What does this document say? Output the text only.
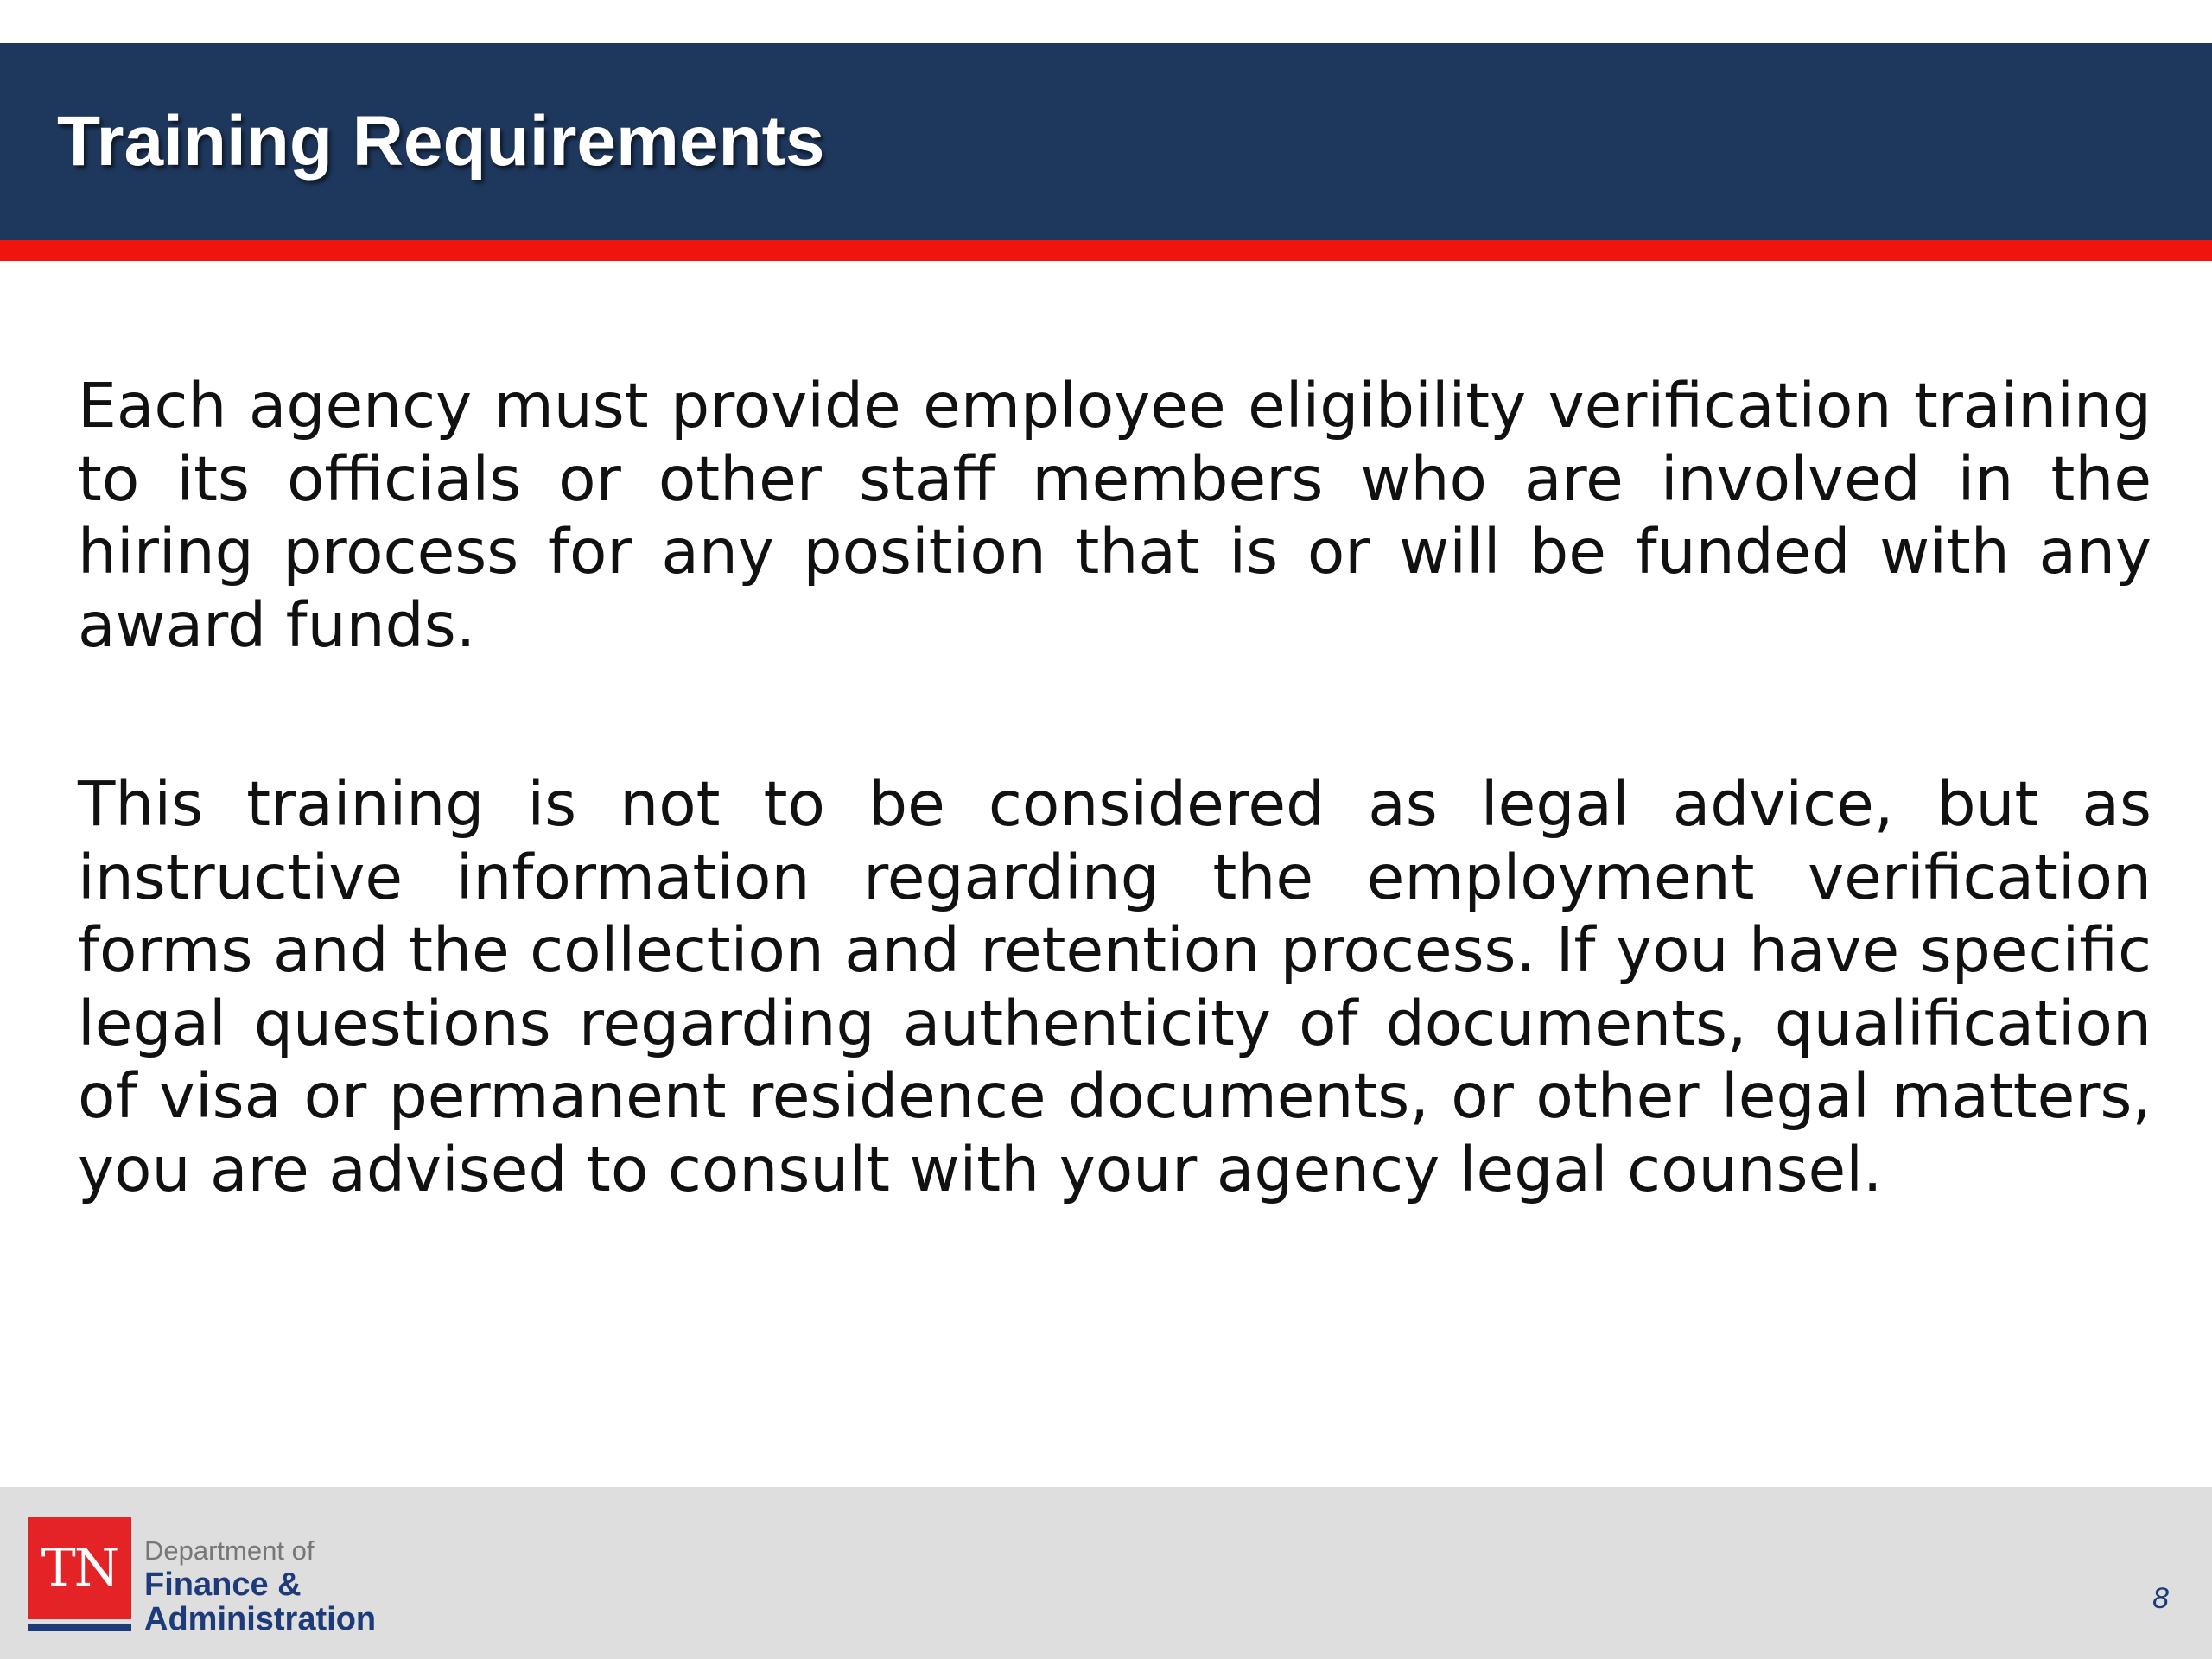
Training Requirements

Each agency must provide employee eligibility verification training to its officials or other staff members who are involved in the hiring process for any position that is or will be funded with any award funds.

This training is not to be considered as legal advice, but as instructive information regarding the employment verification forms and the collection and retention process. If you have specific legal questions regarding authenticity of documents, qualification of visa or permanent residence documents, or other legal matters, you are advised to consult with your agency legal counsel.

TN Department of
Finance &
Administration
8
